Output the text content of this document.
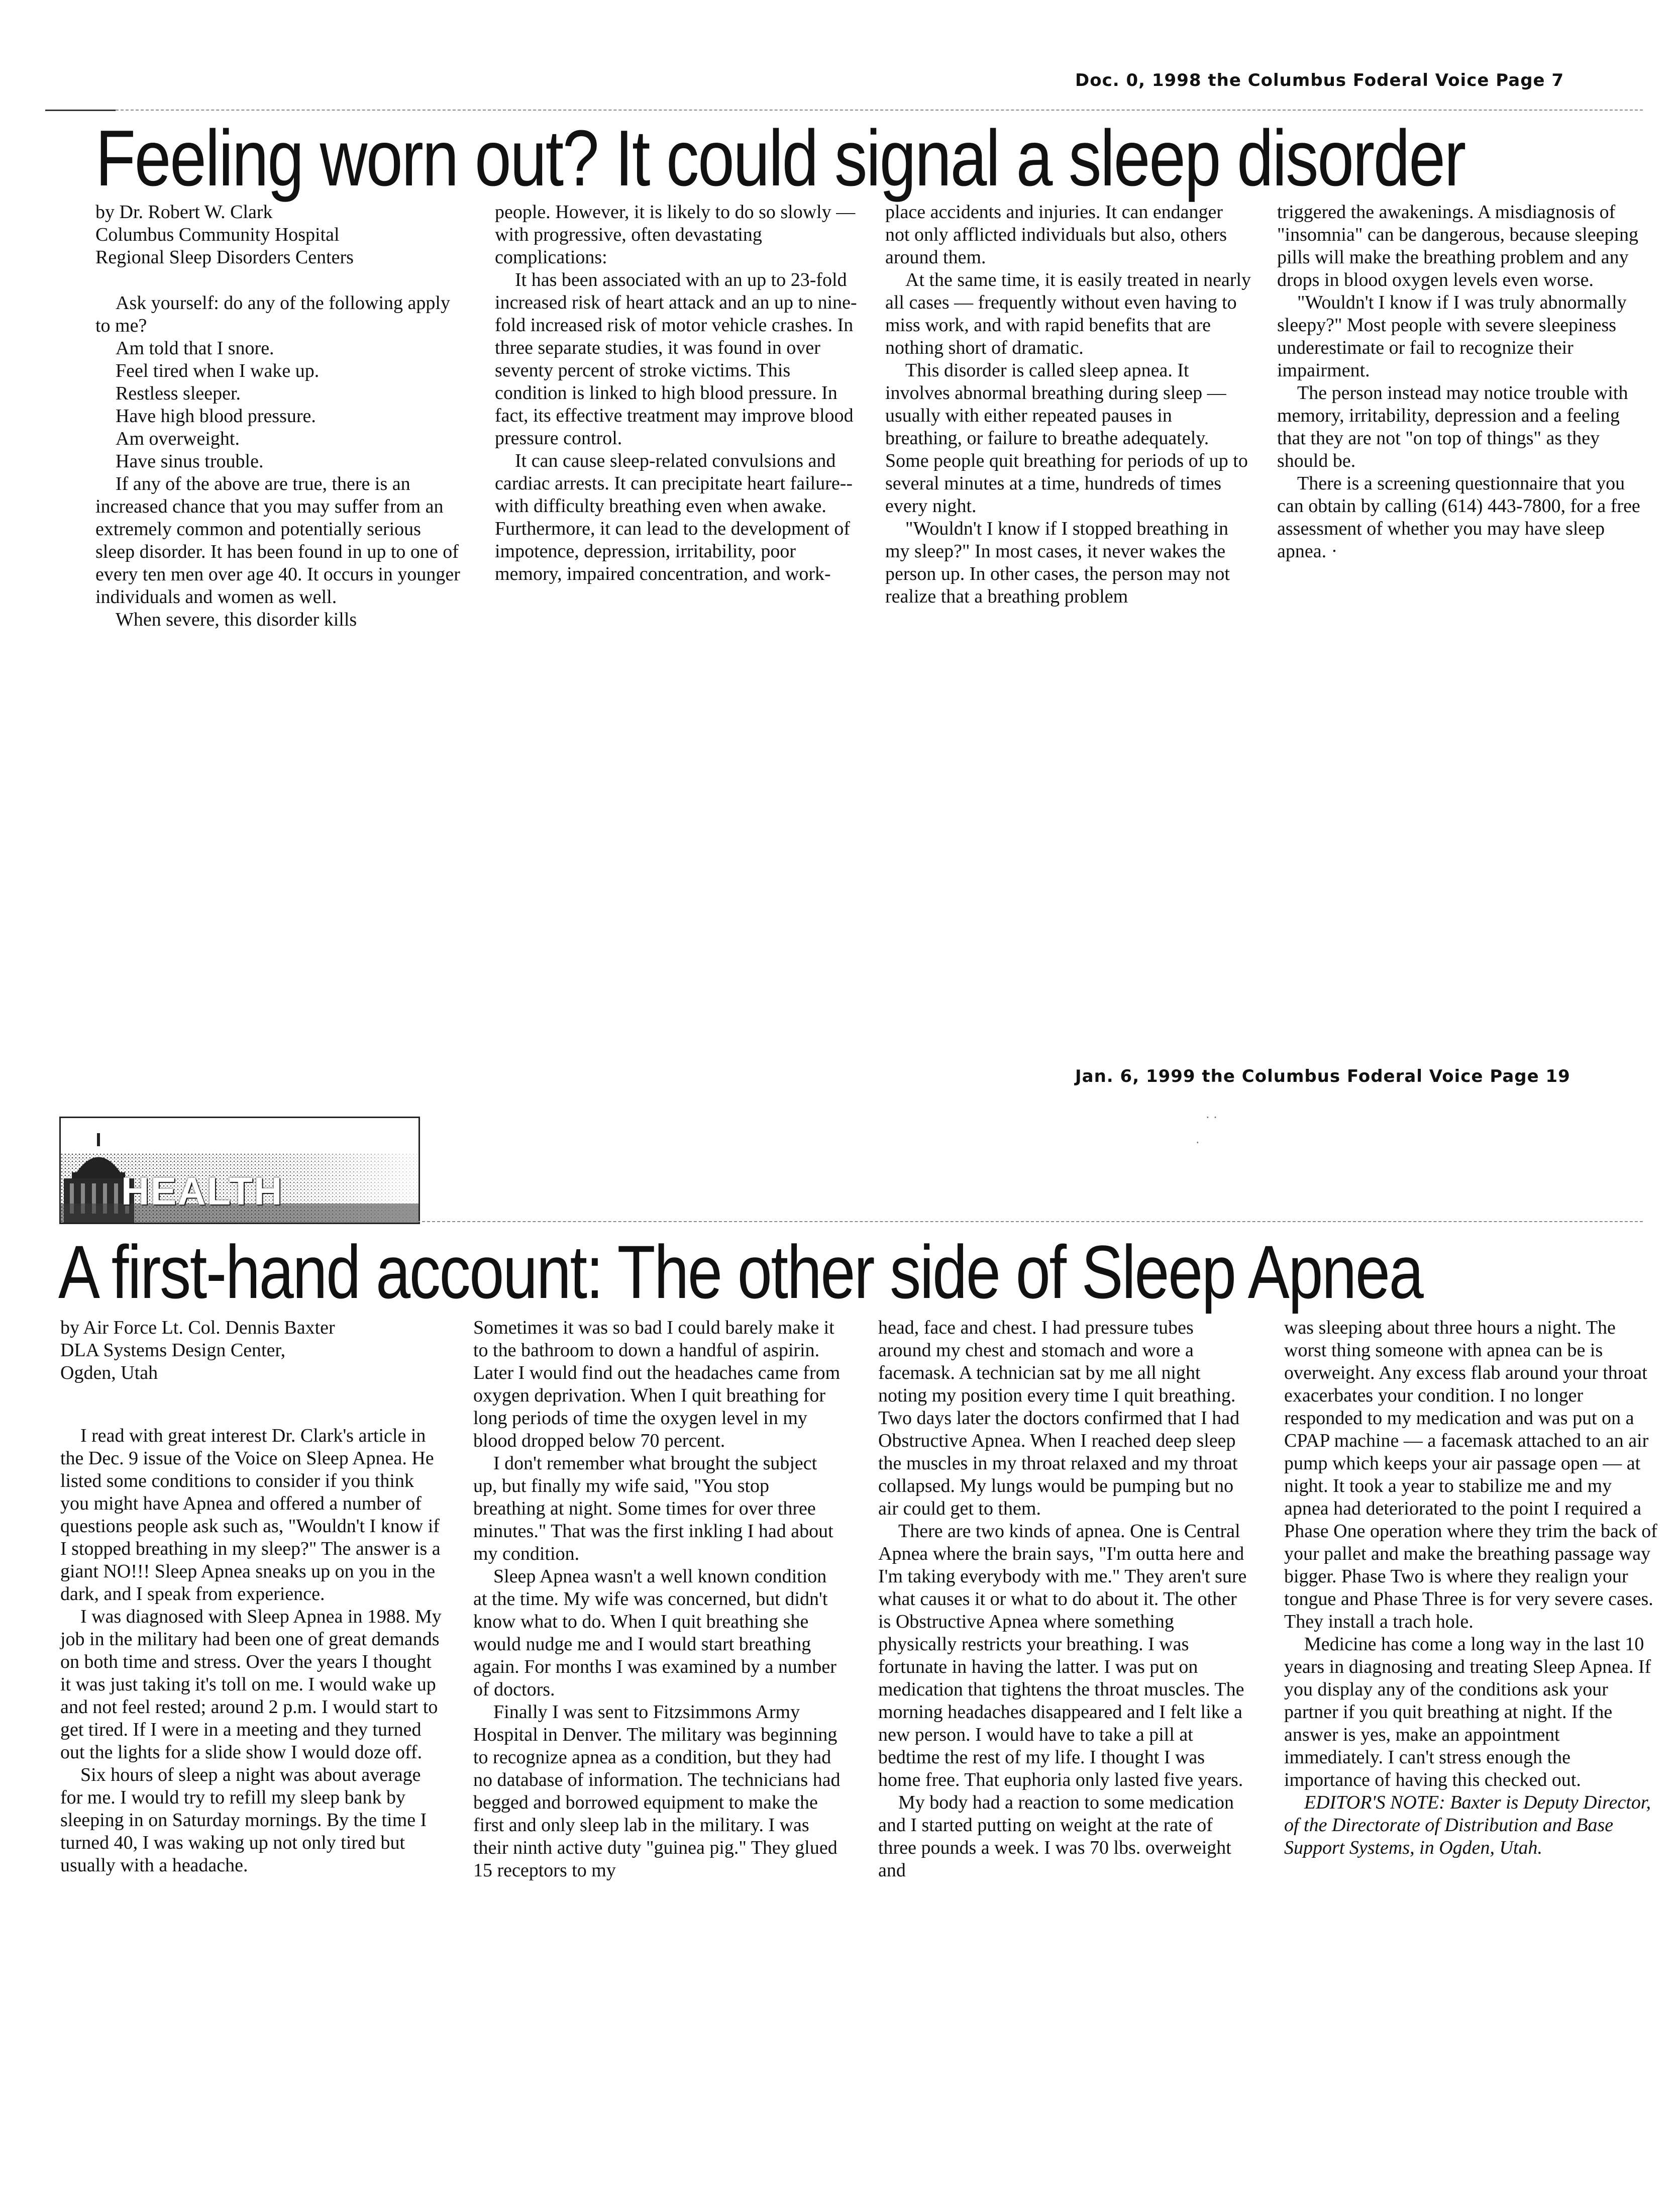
Doc. 0, 1998 the Columbus Foderal Voice Page 7
Feeling worn out? It could signal a sleep disorder
by Dr. Robert W. Clark
Columbus Community Hospital
Regional Sleep Disorders Centers

Ask yourself: do any of the following apply to me?

Am told that I snore.
Feel tired when I wake up.
Restless sleeper.
Have high blood pressure.
Am overweight.
Have sinus trouble.

If any of the above are true, there is an increased chance that you may suffer from an extremely common and potentially serious sleep disorder. It has been found in up to one of every ten men over age 40. It occurs in younger individuals and women as well.

When severe, this disorder kills

people. However, it is likely to do so slowly — with progressive, often devastating complications:

It has been associated with an up to 23-fold increased risk of heart attack and an up to nine-fold increased risk of motor vehicle crashes. In three separate studies, it was found in over seventy percent of stroke victims. This condition is linked to high blood pressure. In fact, its effective treatment may improve blood pressure control.

It can cause sleep-related convulsions and cardiac arrests. It can precipitate heart failure--with difficulty breathing even when awake. Furthermore, it can lead to the development of impotence, depression, irritability, poor memory, impaired concentration, and work-

place accidents and injuries. It can endanger not only afflicted individuals but also, others around them.

At the same time, it is easily treated in nearly all cases — frequently without even having to miss work, and with rapid benefits that are nothing short of dramatic.

This disorder is called sleep apnea. It involves abnormal breathing during sleep — usually with either repeated pauses in breathing, or failure to breathe adequately. Some people quit breathing for periods of up to several minutes at a time, hundreds of times every night.

"Wouldn't I know if I stopped breathing in my sleep?" In most cases, it never wakes the person up. In other cases, the person may not realize that a breathing problem

triggered the awakenings. A misdiagnosis of "insomnia" can be dangerous, because sleeping pills will make the breathing problem and any drops in blood oxygen levels even worse.

"Wouldn't I know if I was truly abnormally sleepy?" Most people with severe sleepiness underestimate or fail to recognize their impairment.

The person instead may notice trouble with memory, irritability, depression and a feeling that they are not "on top of things" as they should be.

There is a screening questionnaire that you can obtain by calling (614) 443-7800, for a free assessment of whether you may have sleep apnea. ·

Jan. 6, 1999 the Columbus Foderal Voice Page 19
· ·
·
HEALTH
A first-hand account: The other side of Sleep Apnea
by Air Force Lt. Col. Dennis Baxter
DLA Systems Design Center,
Ogden, Utah

I read with great interest Dr. Clark's article in the Dec. 9 issue of the Voice on Sleep Apnea. He listed some conditions to consider if you think you might have Apnea and offered a number of questions people ask such as, "Wouldn't I know if I stopped breathing in my sleep?" The answer is a giant NO!!! Sleep Apnea sneaks up on you in the dark, and I speak from experience.

I was diagnosed with Sleep Apnea in 1988. My job in the military had been one of great demands on both time and stress. Over the years I thought it was just taking it's toll on me. I would wake up and not feel rested; around 2 p.m. I would start to get tired. If I were in a meeting and they turned out the lights for a slide show I would doze off.

Six hours of sleep a night was about average for me. I would try to refill my sleep bank by sleeping in on Saturday mornings. By the time I turned 40, I was waking up not only tired but usually with a headache.

Sometimes it was so bad I could barely make it to the bathroom to down a handful of aspirin. Later I would find out the headaches came from oxygen deprivation. When I quit breathing for long periods of time the oxygen level in my blood dropped below 70 percent.

I don't remember what brought the subject up, but finally my wife said, "You stop breathing at night. Some times for over three minutes." That was the first inkling I had about my condition.

Sleep Apnea wasn't a well known condition at the time. My wife was concerned, but didn't know what to do. When I quit breathing she would nudge me and I would start breathing again. For months I was examined by a number of doctors.

Finally I was sent to Fitzsimmons Army Hospital in Denver. The military was beginning to recognize apnea as a condition, but they had no database of information. The technicians had begged and borrowed equipment to make the first and only sleep lab in the military. I was their ninth active duty "guinea pig." They glued 15 receptors to my

head, face and chest. I had pressure tubes around my chest and stomach and wore a facemask. A technician sat by me all night noting my position every time I quit breathing. Two days later the doctors confirmed that I had Obstructive Apnea. When I reached deep sleep the muscles in my throat relaxed and my throat collapsed. My lungs would be pumping but no air could get to them.

There are two kinds of apnea. One is Central Apnea where the brain says, "I'm outta here and I'm taking everybody with me." They aren't sure what causes it or what to do about it. The other is Obstructive Apnea where something physically restricts your breathing. I was fortunate in having the latter. I was put on medication that tightens the throat muscles. The morning headaches disappeared and I felt like a new person. I would have to take a pill at bedtime the rest of my life. I thought I was home free. That euphoria only lasted five years.

My body had a reaction to some medication and I started putting on weight at the rate of three pounds a week. I was 70 lbs. overweight and

was sleeping about three hours a night. The worst thing someone with apnea can be is overweight. Any excess flab around your throat exacerbates your condition. I no longer responded to my medication and was put on a CPAP machine — a facemask attached to an air pump which keeps your air passage open — at night. It took a year to stabilize me and my apnea had deteriorated to the point I required a Phase One operation where they trim the back of your pallet and make the breathing passage way bigger. Phase Two is where they realign your tongue and Phase Three is for very severe cases. They install a trach hole.

Medicine has come a long way in the last 10 years in diagnosing and treating Sleep Apnea. If you display any of the conditions ask your partner if you quit breathing at night. If the answer is yes, make an appointment immediately. I can't stress enough the importance of having this checked out.

EDITOR'S NOTE: Baxter is Deputy Director, of the Directorate of Distribution and Base Support Systems, in Ogden, Utah.
